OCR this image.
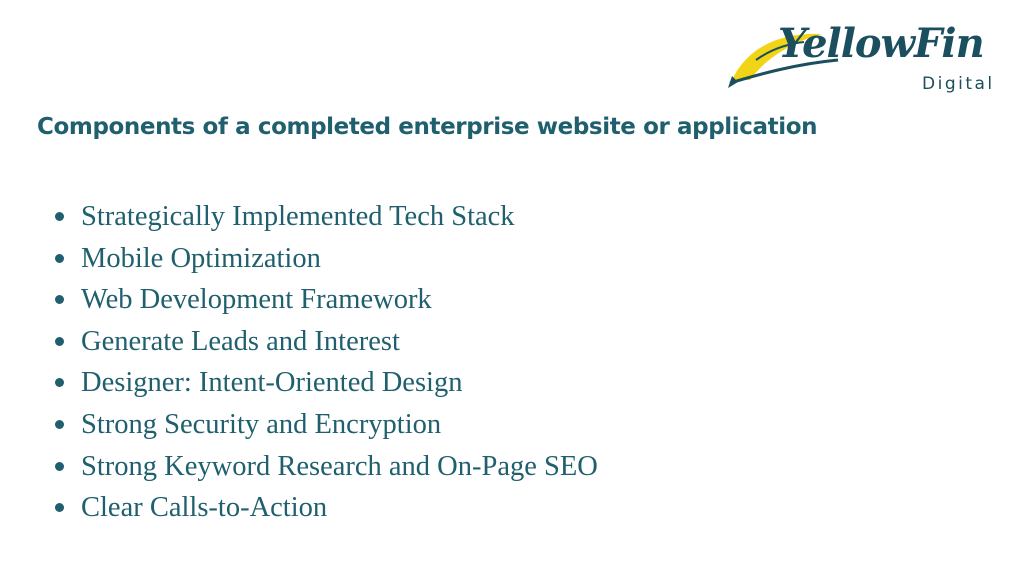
YellowFin
Digital
Components of a completed enterprise website or application
Strategically Implemented Tech Stack
Mobile Optimization
Web Development Framework
Generate Leads and Interest
Designer: Intent-Oriented Design
Strong Security and Encryption
Strong Keyword Research and On-Page SEO
Clear Calls-to-Action
